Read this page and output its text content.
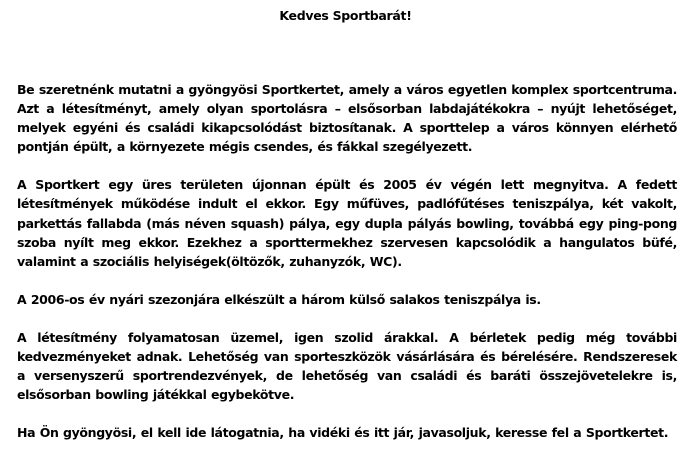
Kedves Sportbarát!

Be szeretnénk mutatni a gyöngyösi Sportkertet, amely a város egyetlen komplex sportcentruma. Azt a létesítményt, amely olyan sportolásra – elsősorban labdajátékokra – nyújt lehetőséget, melyek egyéni és családi kikapcsolódást biztosítanak. A sporttelep a város könnyen elérhető pontján épült, a környezete mégis csendes, és fákkal szegélyezett.

A Sportkert egy üres területen újonnan épült és 2005 év végén lett megnyitva. A fedett létesítmények működése indult el ekkor. Egy műfüves, padlófűtéses teniszpálya, két vakolt, parkettás fallabda (más néven squash) pálya, egy dupla pályás bowling, továbbá egy ping-pong szoba nyílt meg ekkor. Ezekhez a sporttermekhez szervesen kapcsolódik a hangulatos büfé, valamint a szociális helyiségek(öltözők, zuhanyzók, WC).

A 2006-os év nyári szezonjára elkészült a három külső salakos teniszpálya is.

A létesítmény folyamatosan üzemel, igen szolid árakkal. A bérletek pedig még további kedvezményeket adnak. Lehetőség van sporteszközök vásárlására és bérelésére. Rendszeresek a versenyszerű sportrendezvények, de lehetőség van családi és baráti összejövetelekre is, elsősorban bowling játékkal egybekötve.

Ha Ön gyöngyösi, el kell ide látogatnia, ha vidéki és itt jár, javasoljuk, keresse fel a Sportkertet.
